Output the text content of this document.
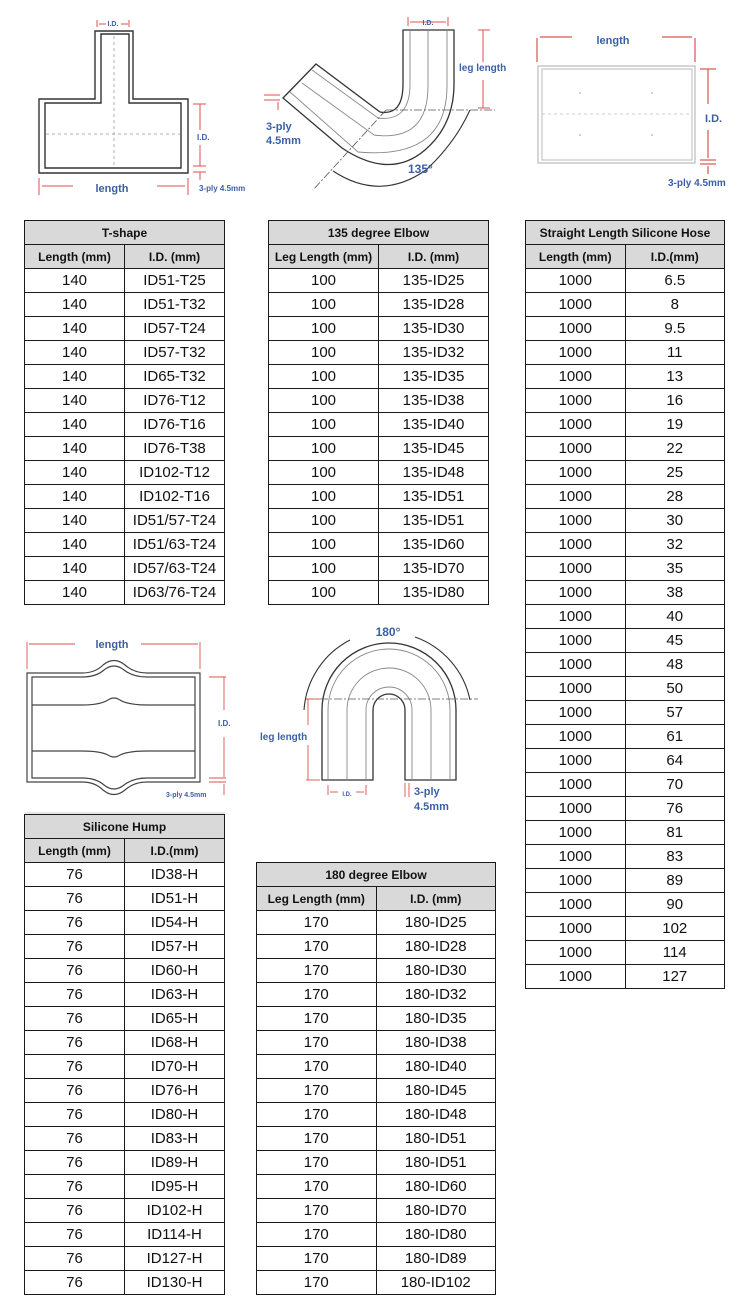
I.D.
I.D.
length	3-ply 4.5mm
I.D.
leg length
3-ply
4.5mm
135°
length
I.D.
3-ply 4.5mm
length
I.D.
3-ply 4.5mm
180°
leg length
I.D.	3-ply
4.5mm
T-shape	
Length (mm)	I.D. (mm)
140	ID51-T25
140	ID51-T32
140	ID57-T24
140	ID57-T32
140	ID65-T32
140	ID76-T12
140	ID76-T16
140	ID76-T38
140	ID102-T12
140	ID102-T16
140	ID51/57-T24
140	ID51/63-T24
140	ID57/63-T24
140	ID63/76-T24
135 degree Elbow	
Leg Length (mm)	I.D. (mm)
100	135-ID25
100	135-ID28
100	135-ID30
100	135-ID32
100	135-ID35
100	135-ID38
100	135-ID40
100	135-ID45
100	135-ID48
100	135-ID51
100	135-ID51
100	135-ID60
100	135-ID70
100	135-ID80
Straight Length Silicone Hose	
Length (mm)	I.D.(mm)
1000	6.5
1000	8
1000	9.5
1000	11
1000	13
1000	16
1000	19
1000	22
1000	25
1000	28
1000	30
1000	32
1000	35
1000	38
1000	40
1000	45
1000	48
1000	50
1000	57
1000	61
1000	64
1000	70
1000	76
1000	81
1000	83
1000	89
1000	90
1000	102
1000	114
1000	127
Silicone Hump	
Length (mm)	I.D.(mm)
76	ID38-H
76	ID51-H
76	ID54-H
76	ID57-H
76	ID60-H
76	ID63-H
76	ID65-H
76	ID68-H
76	ID70-H
76	ID76-H
76	ID80-H
76	ID83-H
76	ID89-H
76	ID95-H
76	ID102-H
76	ID114-H
76	ID127-H
76	ID130-H
180 degree Elbow	
Leg Length (mm)	I.D. (mm)
170	180-ID25
170	180-ID28
170	180-ID30
170	180-ID32
170	180-ID35
170	180-ID38
170	180-ID40
170	180-ID45
170	180-ID48
170	180-ID51
170	180-ID51
170	180-ID60
170	180-ID70
170	180-ID80
170	180-ID89
170	180-ID102
